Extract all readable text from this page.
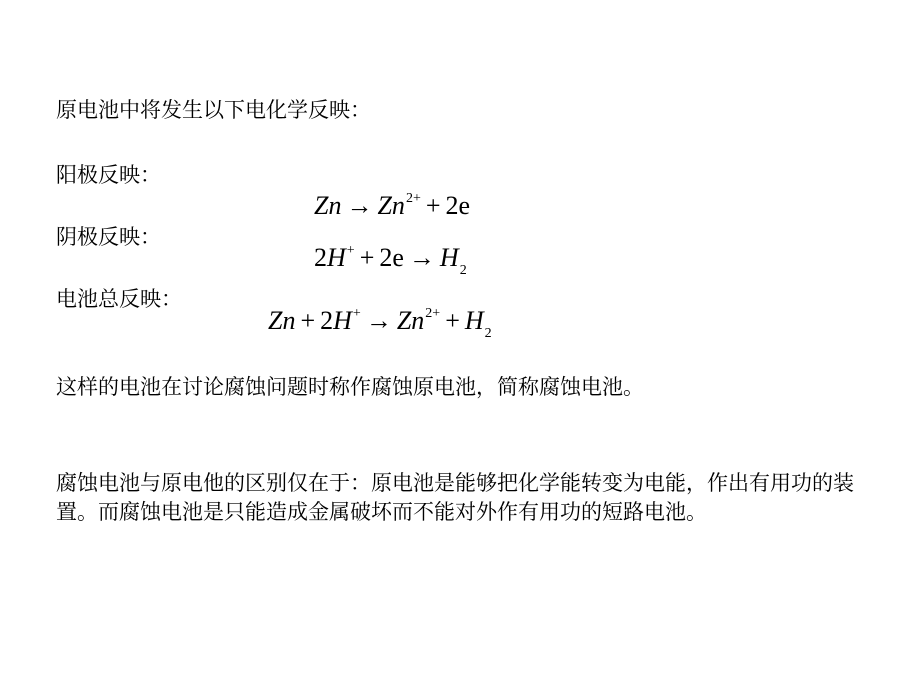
原电池中将发生以下电化学反映：
阳极反映：
$Zn \to Zn^{2+} + 2e$
阴极反映：
$2H^+ + 2e \to H_2$
电池总反映：
$Zn + 2H^+ \to Zn^{2+} + H_2$
这样的电池在讨论腐蚀问题时称作腐蚀原电池，简称腐蚀电池。
腐蚀电池与原电他的区别仅在于：原电池是能够把化学能转变为电能，作出有用功的装置。而腐蚀电池是只能造成金属破坏而不能对外作有用功的短路电池。
